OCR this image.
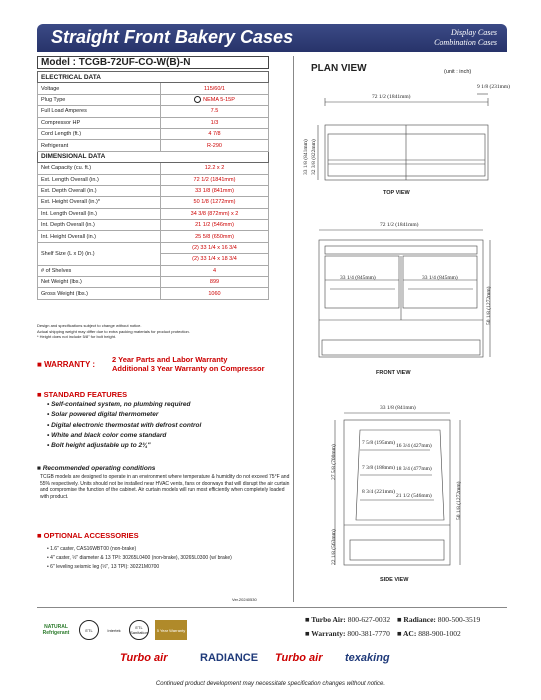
Straight Front Bakery Cases	Display Cases
Combination Cases
Model : TCGB-72UF-CO-W(B)-N
ELECTRICAL DATA	
Voltage	115/60/1
Plug Type	NEMA 5-15P
Full Load Amperes	7.5
Compressor HP	1/3
Cord Length (ft.)	4 7/8
Refrigerant	R-290
DIMENSIONAL DATA	
Net Capacity (cu. ft.)	12.2 x 2
Ext. Length Overall (in.)	72 1/2 (1841mm)
Ext. Depth Overall (in.)	33 1/8 (841mm)
Ext. Height Overall (in.)*	50 1/8 (1272mm)
Int. Length Overall (in.)	34 3/8 (872mm) x 2
Int. Depth Overall (in.)	21 1/2 (546mm)
Int. Height Overall (in.)	25 5/8 (650mm)
Shelf Size (L x D) (in.)	(2) 33 1/4 x 16 3/4
	(2) 33 1/4 x 18 3/4
# of Shelves	4
Net Weight (lbs.)	899
Gross Weight (lbs.)	1060
Design and specifications subject to change without notice.
Actual shipping weight may differ due to extra packing materials for product protection.
* Height does not include 5/8" for bolt height.
■ WARRANTY :
2 Year Parts and Labor Warranty
Additional 3 Year Warranty on Compressor
■ STANDARD FEATURES
• Self-contained system, no plumbing required
• Solar powered digital thermometer
• Digital electronic thermostat with defrost control
• White and black color come standard
• Bolt height adjustable up to 2¾"
■ Recommended operating conditions
TCGB models are designed to operate in an environment where temperature & humidity do not exceed 75°F and 55% respectively. Units should not be installed near HVAC vents, fans or doorways that will disrupt the air curtain and compromise the function of the cabinet. Air curtain models will run most efficiently when completely loaded with product.
■ OPTIONAL ACCESSORIES
• 1.6" caster, CAS16WBT00 (non-brake)
• 4" caster, ½" diameter & 13 TPI: 30265L0400 (non-brake), 30265L0300 (w/ brake)
• 6" leveling seismic leg (½", 13 TPI): 30221M0700
Ver.20240530
NATURAL Refrigerant	ETL	Intertek	ETL Sanitation	5 Year Warranty
■ Turbo Air: 800-627-0032 ■ Radiance: 800-500-3519
■ Warranty: 800-381-7770 ■ AC: 888-900-1002
Turbo air	RADIANCE Turbo air texaking
Continued product development may necessitate specification changes without notice.
PLAN VIEW	(unit : inch)
72 1/2 (1841mm)
9 1/8 (231mm)
33 1/8 (841mm) 32 3/8 (822mm)
TOP VIEW
72 1/2 (1841mm)
33 1/4 (845mm)	33 1/4 (845mm)
50 1/8 (1272mm)
FRONT VIEW
33 1/8 (841mm)
7 5/8 (195mm) 16 3/4 (427mm)
7 3/8 (188mm) 18 3/4 (477mm)
8 3/4 (221mm)
21 1/2 (546mm)
27 5/8 (700mm)
22 1/8 (563mm)
50 1/8 (1272mm)
SIDE VIEW
